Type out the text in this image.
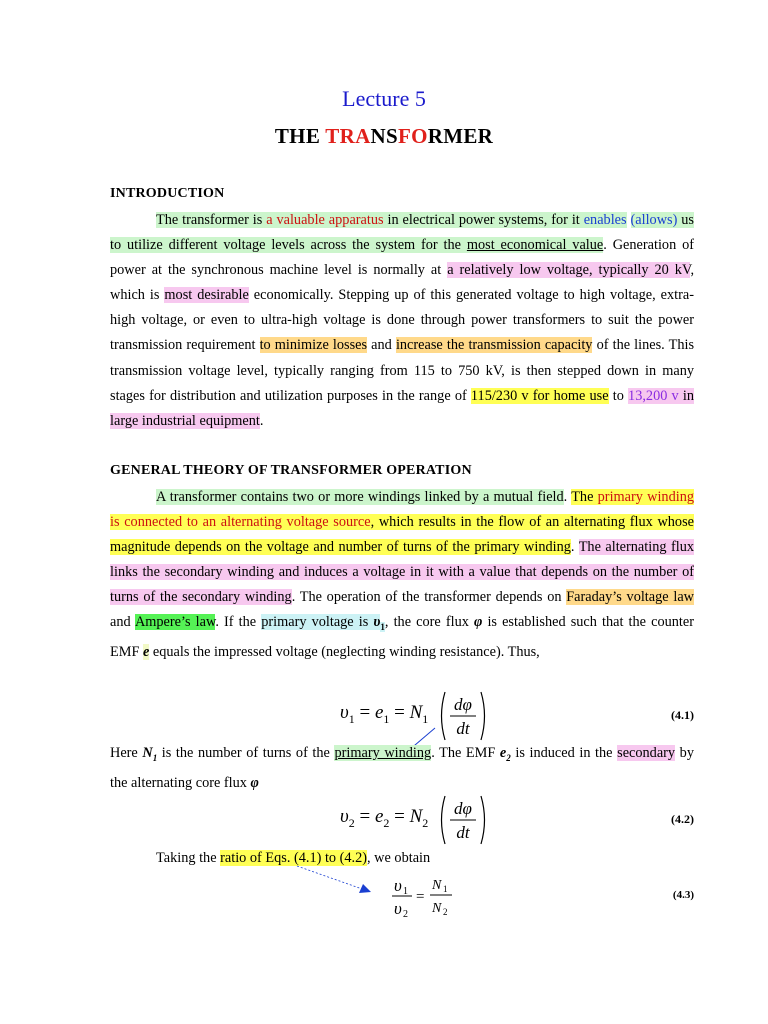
Lecture 5
THE TRANSFORMER
INTRODUCTION

The transformer is a valuable apparatus in electrical power systems, for it enables (allows) us to utilize different voltage levels across the system for the most economical value. Generation of power at the synchronous machine level is normally at a relatively low voltage, typically 20 kV, which is most desirable economically. Stepping up of this generated voltage to high voltage, extra-high voltage, or even to ultra-high voltage is done through power transformers to suit the power transmission requirement to minimize losses and increase the transmission capacity of the lines. This transmission voltage level, typically ranging from 115 to 750 kV, is then stepped down in many stages for distribution and utilization purposes in the range of 115/230 v for home use to 13,200 v in large industrial equipment.

GENERAL THEORY OF TRANSFORMER OPERATION

A transformer contains two or more windings linked by a mutual field. The primary winding is connected to an alternating voltage source, which results in the flow of an alternating flux whose magnitude depends on the voltage and number of turns of the primary winding. The alternating flux links the secondary winding and induces a voltage in it with a value that depends on the number of turns of the secondary winding. The operation of the transformer depends on Faraday’s voltage law and Ampere’s law. If the primary voltage is $\upsilon_1$, the core flux φ is established such that the counter EMF e equals the impressed voltage (neglecting winding resistance). Thus,

$\upsilon_1 = e_1 = N_1$
dφ
dt
(4.1)

Here $N_1$ is the number of turns of the primary winding. The EMF $e_2$ is induced in the secondary by the alternating core flux φ

$\upsilon_2 = e_2 = N_2$
dφ
dt
(4.2)

Taking the ratio of Eqs. (4.1) to (4.2), we obtain

υ 1
υ 2
=
N 1
N 2
(4.3)
